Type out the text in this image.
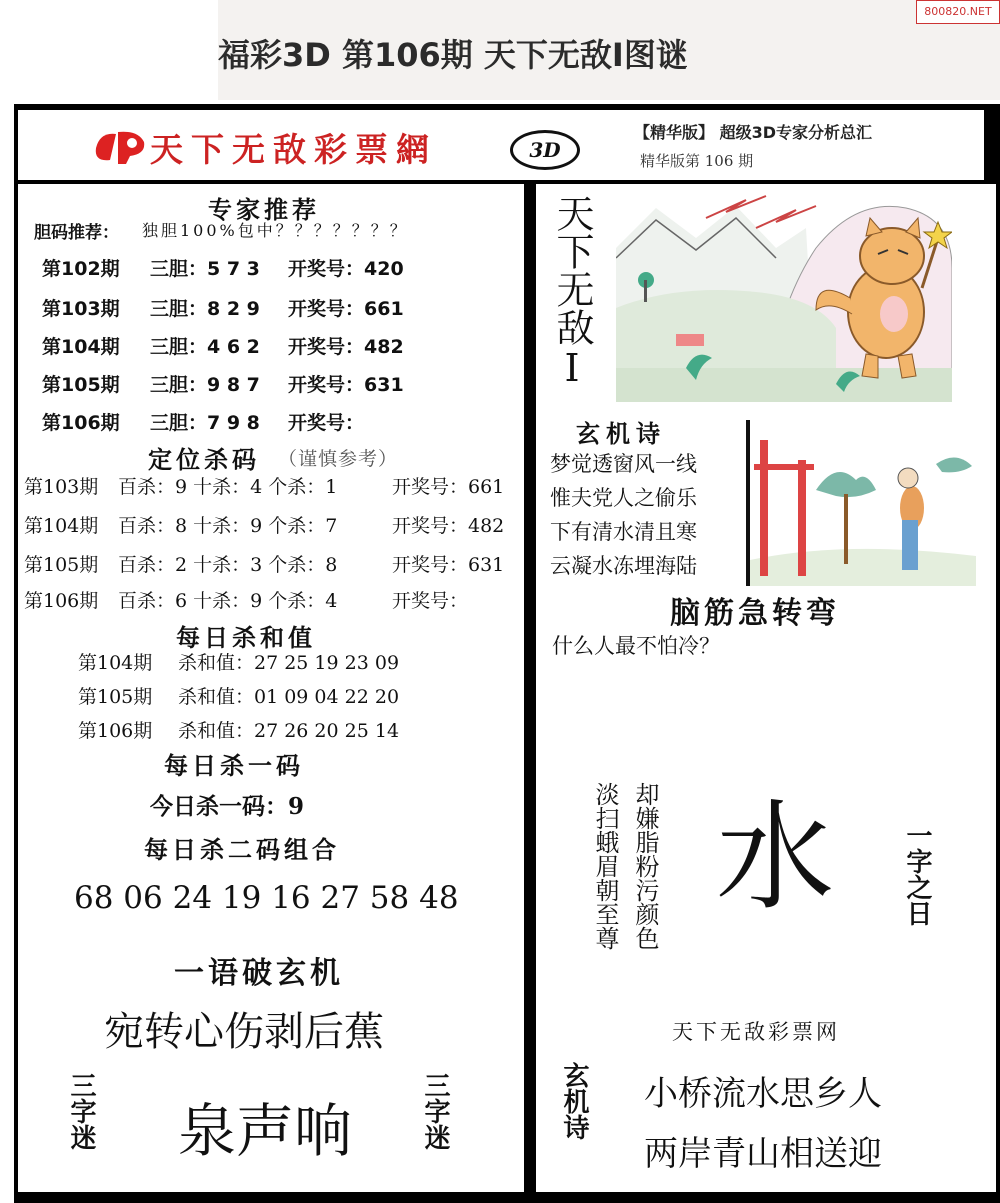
福彩3D 第106期 天下无敌Ⅰ图谜
800820.NET
天下无敌彩票網	3D
【精华版】 超级3D专家分析总汇
精华版第 106 期
专家推荐
胆码推荐： 独胆100%包中？？？？？？？
第102期 三胆：5 7 3 开奖号：420
第103期 三胆：8 2 9 开奖号：661
第104期 三胆：4 6 2 开奖号：482
第105期 三胆：9 8 7 开奖号：631
第106期 三胆：7 9 8 开奖号：
定位杀码 （谨慎参考）
第103期 百杀：9 十杀：4 个杀：1	开奖号：661
第104期 百杀：8 十杀：9 个杀：7	开奖号：482
第105期 百杀：2 十杀：3 个杀：8	开奖号：631
第106期 百杀：6 十杀：9 个杀：4	开奖号：
每日杀和值
第104期 杀和值：27 25 19 23 09
第105期 杀和值：01 09 04 22 20
第106期 杀和值：27 26 20 25 14
每日杀一码
今日杀一码：9
每日杀二码组合
68 06 24 19 16 27 58 48
一语破玄机
宛转心伤剥后蕉
三字迷 泉声响	三字迷
天下无敌Ⅰ
玄机诗
梦觉透窗风一线
惟夫党人之偷乐
下有清水清且寒
云凝水冻埋海陆
脑筋急转弯
什么人最不怕冷？
却嫌脂粉污颜色
淡扫蛾眉朝至尊 水	一字之日
天下无敌彩票网
玄机诗 小桥流水思乡人
两岸青山相送迎
